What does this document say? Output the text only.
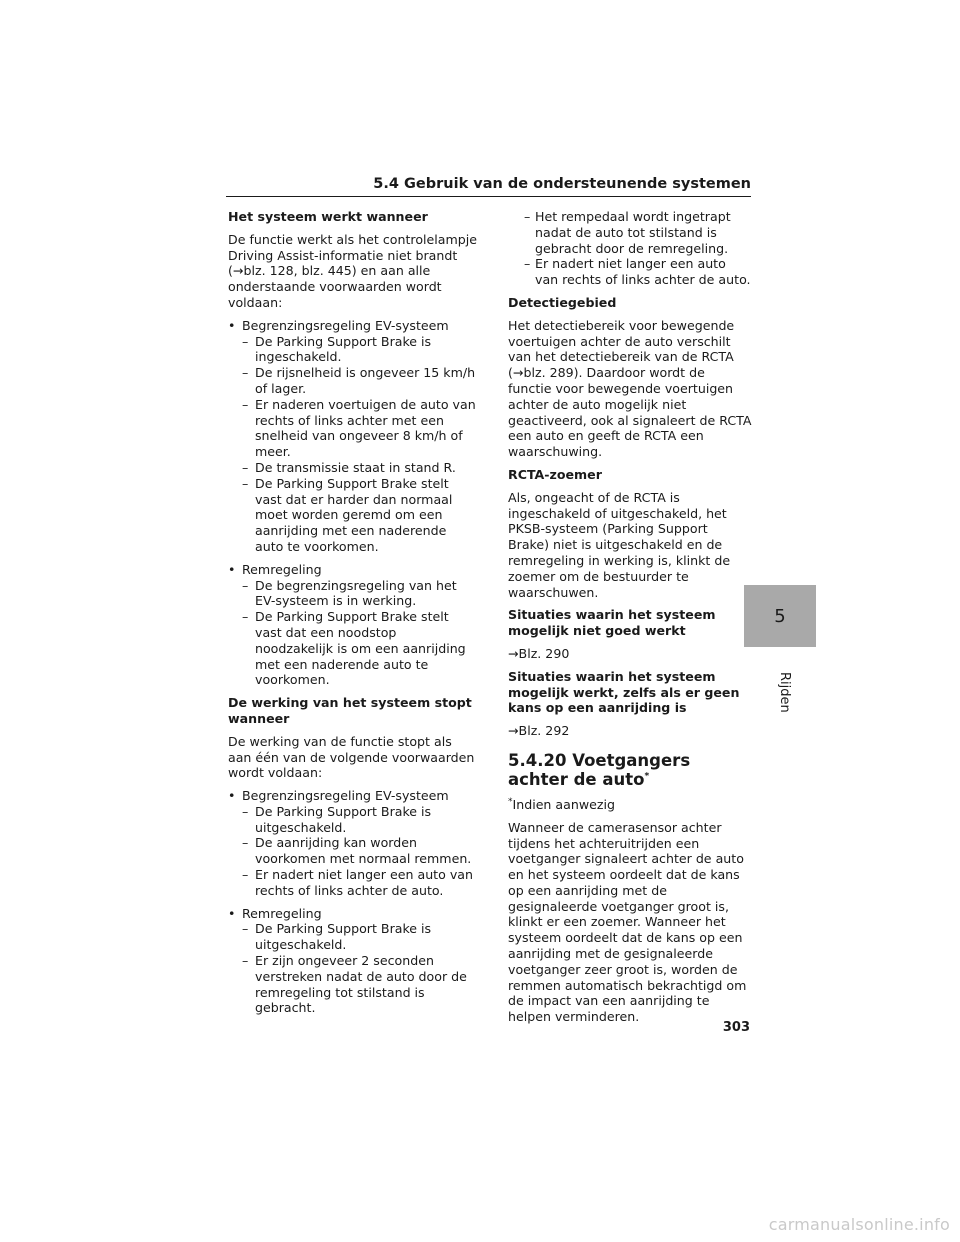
5.4 Gebruik van de ondersteunende systemen
Het systeem werkt wanneer

De functie werkt als het controlelampje Driving Assist-informatie niet brandt (→blz. 128, blz. 445) en aan alle onderstaande voorwaarden wordt voldaan:

• Begrenzingsregeling EV-systeem
– De Parking Support Brake is ingeschakeld.
– De rijsnelheid is ongeveer 15 km/h of lager.
– Er naderen voertuigen de auto van rechts of links achter met een snelheid van ongeveer 8 km/h of meer.
– De transmissie staat in stand R.
– De Parking Support Brake stelt vast dat er harder dan normaal moet worden geremd om een aanrijding met een naderende auto te voorkomen.
• Remregeling
– De begrenzingsregeling van het EV-systeem is in werking.
– De Parking Support Brake stelt vast dat een noodstop noodzakelijk is om een aanrijding met een naderende auto te voorkomen.
De werking van het systeem stopt wanneer

De werking van de functie stopt als aan één van de volgende voorwaarden wordt voldaan:

• Begrenzingsregeling EV-systeem
– De Parking Support Brake is uitgeschakeld.
– De aanrijding kan worden voorkomen met normaal remmen.
– Er nadert niet langer een auto van rechts of links achter de auto.
• Remregeling
– De Parking Support Brake is uitgeschakeld.
– Er zijn ongeveer 2 seconden verstreken nadat de auto door de remregeling tot stilstand is gebracht.
– Het rempedaal wordt ingetrapt nadat de auto tot stilstand is gebracht door de remregeling.
– Er nadert niet langer een auto van rechts of links achter de auto.
Detectiegebied

Het detectiebereik voor bewegende voertuigen achter de auto verschilt van het detectiebereik van de RCTA (→blz. 289). Daardoor wordt de functie voor bewegende voertuigen achter de auto mogelijk niet geactiveerd, ook al signaleert de RCTA een auto en geeft de RCTA een waarschuwing.

RCTA-zoemer

Als, ongeacht of de RCTA is ingeschakeld of uitgeschakeld, het PKSB-systeem (Parking Support Brake) niet is uitgeschakeld en de remregeling in werking is, klinkt de zoemer om de bestuurder te waarschuwen.

Situaties waarin het systeem mogelijk niet goed werkt

→Blz. 290

Situaties waarin het systeem mogelijk werkt, zelfs als er geen kans op een aanrijding is

→Blz. 292

5.4.20 Voetgangers achter de auto*

*Indien aanwezig

Wanneer de camerasensor achter tijdens het achteruitrijden een voetganger signaleert achter de auto en het systeem oordeelt dat de kans op een aanrijding met de gesignaleerde voetganger groot is, klinkt er een zoemer. Wanneer het systeem oordeelt dat de kans op een aanrijding met de gesignaleerde voetganger zeer groot is, worden de remmen automatisch bekrachtigd om de impact van een aanrijding te helpen verminderen.

5
Rijden
303
carmanualsonline.info
